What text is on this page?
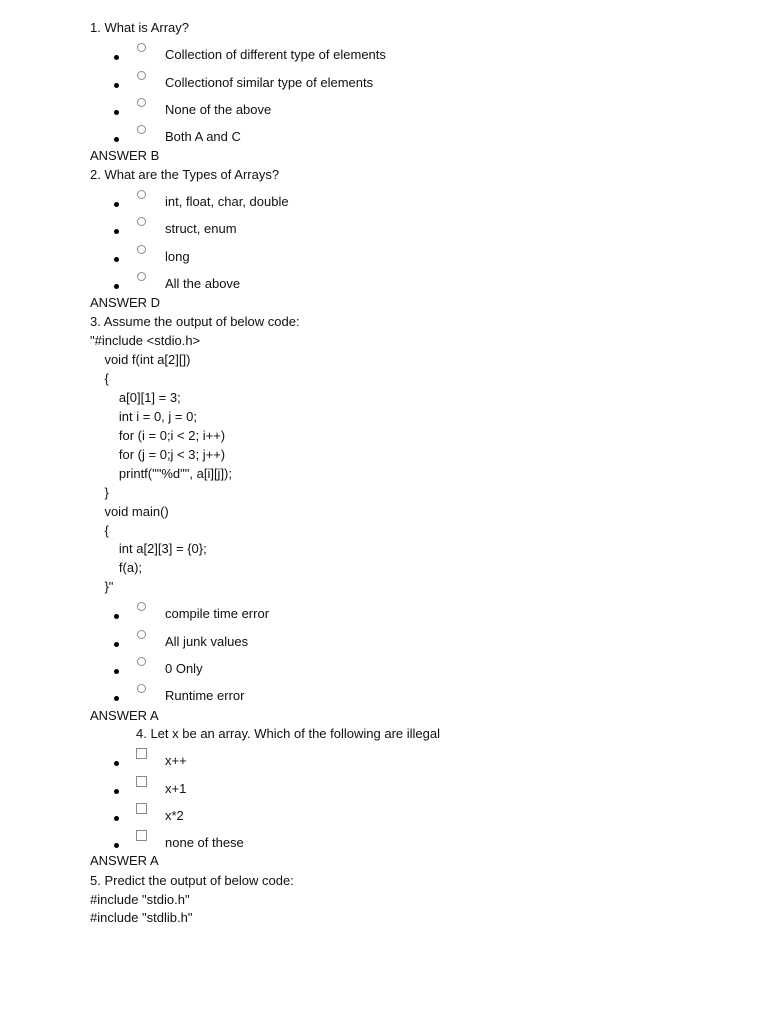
1. What is Array?
Collection of different type of elements
Collectionof similar type of elements
None of the above
Both A and C
ANSWER B
2. What are the Types of Arrays?
int, float, char, double
struct, enum
long
All the above
ANSWER D
3. Assume the output of below code:
"#include <stdio.h>
void f(int a[2][])
{
a[0][1] = 3;
int i = 0, j = 0;
for (i = 0;i < 2; i++)
for (j = 0;j < 3; j++)
printf(""%d"", a[i][j]);
}
void main()
{
int a[2][3] = {0};
f(a);
}"
compile time error
All junk values
0 Only
Runtime error
ANSWER A
4. Let x be an array. Which of the following are illegal
x++
x+1
x*2
none of these
ANSWER A
5. Predict the output of below code:
#include "stdio.h"
#include "stdlib.h"
